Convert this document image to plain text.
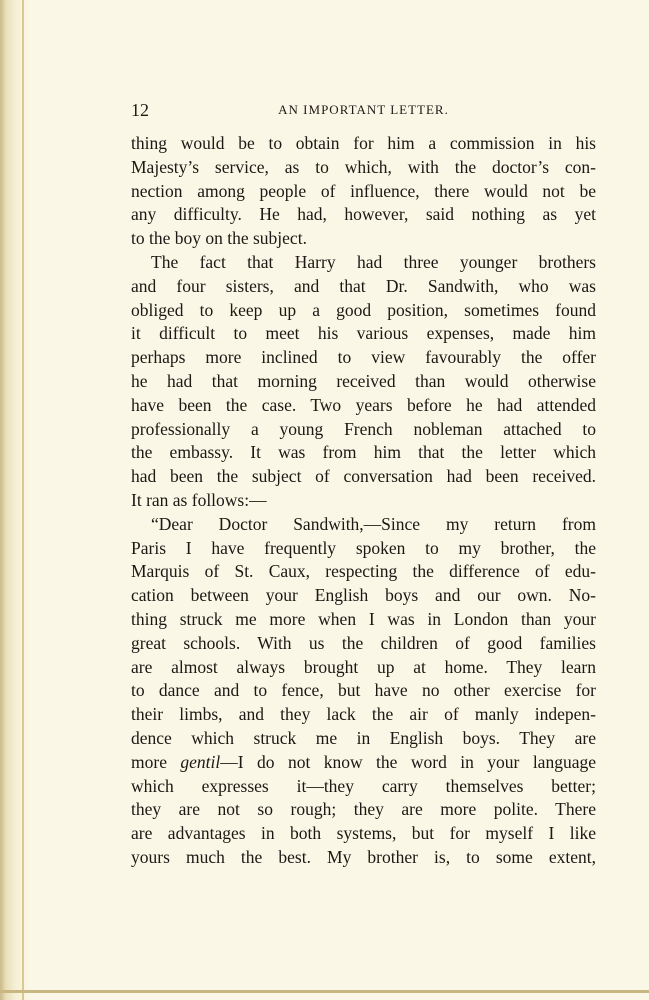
12	AN IMPORTANT LETTER.
thing would be to obtain for him a commission in his
Majesty’s service, as to which, with the doctor’s con-
nection among people of influence, there would not be
any difficulty. He had, however, said nothing as yet
to the boy on the subject.
The fact that Harry had three younger brothers
and four sisters, and that Dr. Sandwith, who was
obliged to keep up a good position, sometimes found
it difficult to meet his various expenses, made him
perhaps more inclined to view favourably the offer
he had that morning received than would otherwise
have been the case. Two years before he had attended
professionally a young French nobleman attached to
the embassy. It was from him that the letter which
had been the subject of conversation had been received.
It ran as follows:—
“Dear Doctor Sandwith,—Since my return from
Paris I have frequently spoken to my brother, the
Marquis of St. Caux, respecting the difference of edu-
cation between your English boys and our own. No-
thing struck me more when I was in London than your
great schools. With us the children of good families
are almost always brought up at home. They learn
to dance and to fence, but have no other exercise for
their limbs, and they lack the air of manly indepen-
dence which struck me in English boys. They are
more gentil—I do not know the word in your language
which expresses it—they carry themselves better;
they are not so rough; they are more polite. There
are advantages in both systems, but for myself I like
yours much the best. My brother is, to some extent,
